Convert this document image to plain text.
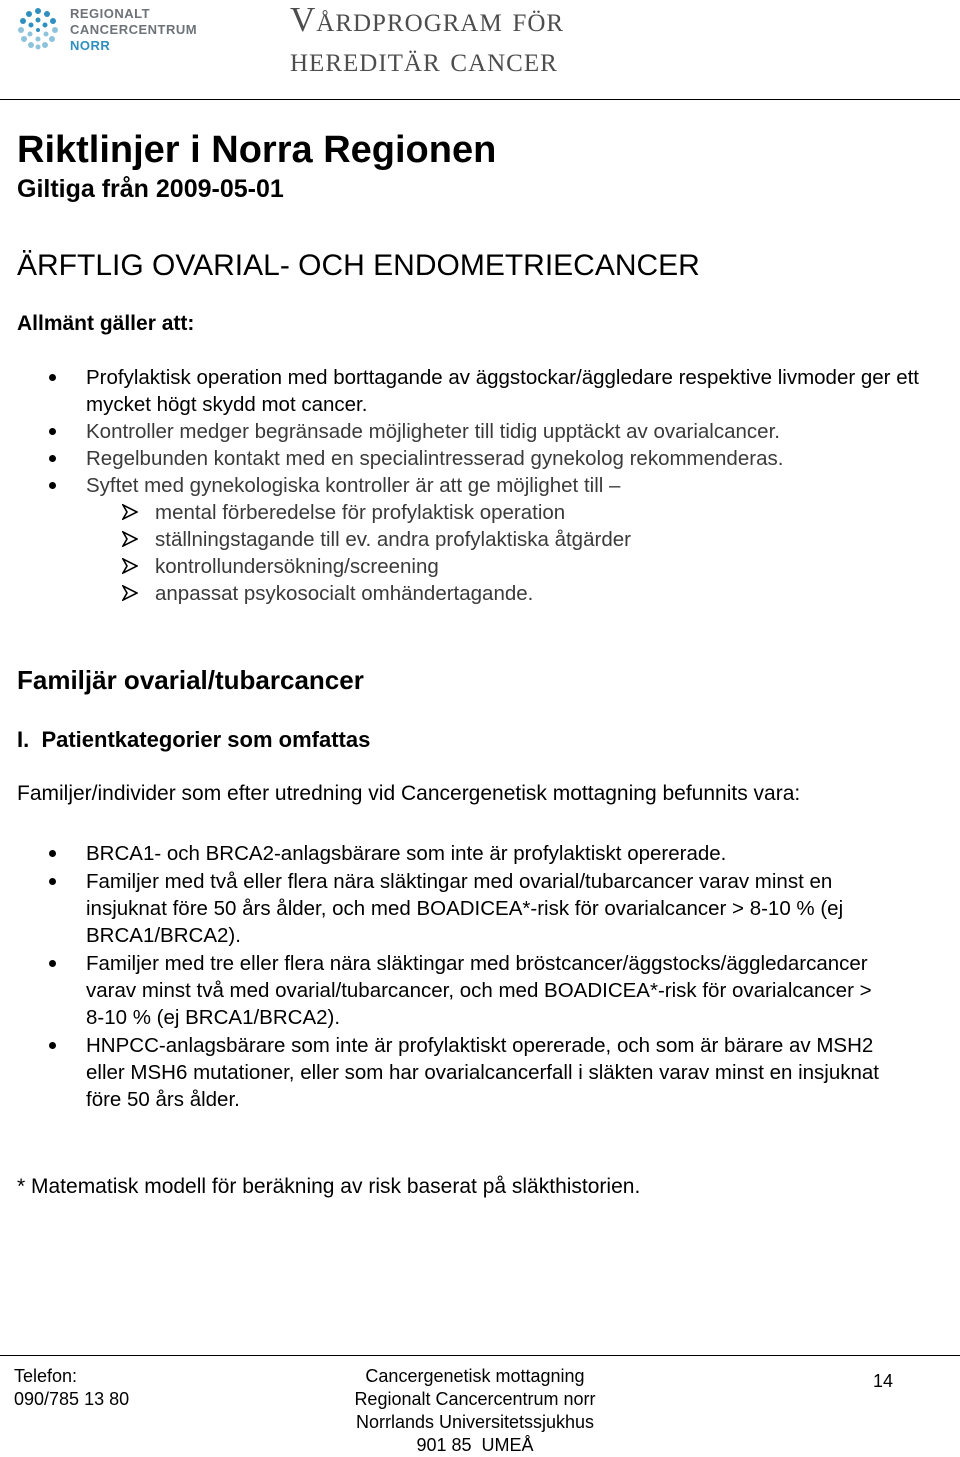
REGIONALT
CANCERCENTRUM
NORR
Vårdprogram för
hereditär cancer
Riktlinjer i Norra Regionen
Giltiga från 2009-05-01
ÄRFTLIG OVARIAL- OCH ENDOMETRIECANCER
Allmänt gäller att:
Profylaktisk operation med borttagande av äggstockar/äggledare respektive livmoder ger ett mycket högt skydd mot cancer.
Kontroller medger begränsade möjligheter till tidig upptäckt av ovarialcancer.
Regelbunden kontakt med en specialintresserad gynekolog rekommenderas.
Syftet med gynekologiska kontroller är att ge möjlighet till –
mental förberedelse för profylaktisk operation
ställningstagande till ev. andra profylaktiska åtgärder
kontrollundersökning/screening
anpassat psykosocialt omhändertagande.
Familjär ovarial/tubarcancer
I.  Patientkategorier som omfattas
Familjer/individer som efter utredning vid Cancergenetisk mottagning befunnits vara:
BRCA1- och BRCA2-anlagsbärare som inte är profylaktiskt opererade.
Familjer med två eller flera nära släktingar med ovarial/tubarcancer varav minst en insjuknat före 50 års ålder, och med BOADICEA*-risk för ovarialcancer > 8-10 % (ej BRCA1/BRCA2).
Familjer med tre eller flera nära släktingar med bröstcancer/äggstocks/äggledarcancer varav minst två med ovarial/tubarcancer, och med BOADICEA*-risk för ovarialcancer > 8-10 % (ej BRCA1/BRCA2).
HNPCC-anlagsbärare som inte är profylaktiskt opererade, och som är bärare av MSH2 eller MSH6 mutationer, eller som har ovarialcancerfall i släkten varav minst en insjuknat före 50 års ålder.
* Matematisk modell för beräkning av risk baserat på släkthistorien.
Telefon:
090/785 13 80
Cancergenetisk mottagning
Regionalt Cancercentrum norr
Norrlands Universitetssjukhus
901 85  UMEÅ
14
